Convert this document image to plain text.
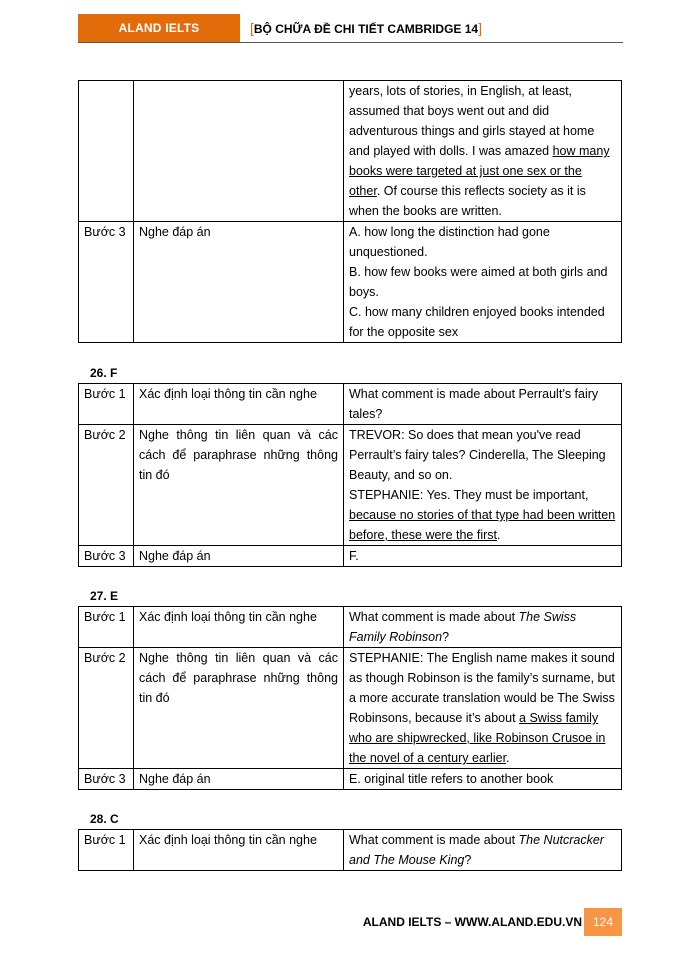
ALAND IELTS	[BỘ CHỮA ĐỀ CHI TIẾT CAMBRIDGE 14]
		years, lots of stories, in English, at least, assumed that boys went out and did adventurous things and girls stayed at home and played with dolls. I was amazed how many books were targeted at just one sex or the other. Of course this reflects society as it is when the books are written.
Bước 3	Nghe đáp án	A. how long the distinction had gone unquestioned.
B. how few books were aimed at both girls and boys.
C. how many children enjoyed books intended for the opposite sex
26. F
Bước 1	Xác định loại thông tin cần nghe	What comment is made about Perrault’s fairy tales?
Bước 2	Nghe thông tin liên quan và các cách để paraphrase những thông tin đó	TREVOR: So does that mean you've read Perrault’s fairy tales? Cinderella, The Sleeping Beauty, and so on.
STEPHANIE: Yes. They must be important, because no stories of that type had been written before, these were the first.

Bước 3	Nghe đáp án	F.
27. E
Bước 1	Xác định loại thông tin cần nghe	What comment is made about The Swiss Family Robinson?
Bước 2	Nghe thông tin liên quan và các cách để paraphrase những thông tin đó	STEPHANIE: The English name makes it sound as though Robinson is the family’s surname, but a more accurate translation would be The Swiss Robinsons, because it’s about a Swiss family who are shipwrecked, like Robinson Crusoe in the novel of a century earlier.
Bước 3	Nghe đáp án	E. original title refers to another book
28. C
Bước 1	Xác định loại thông tin cần nghe	What comment is made about The Nutcracker and The Mouse King?
ALAND IELTS – WWW.ALAND.EDU.VN 124
